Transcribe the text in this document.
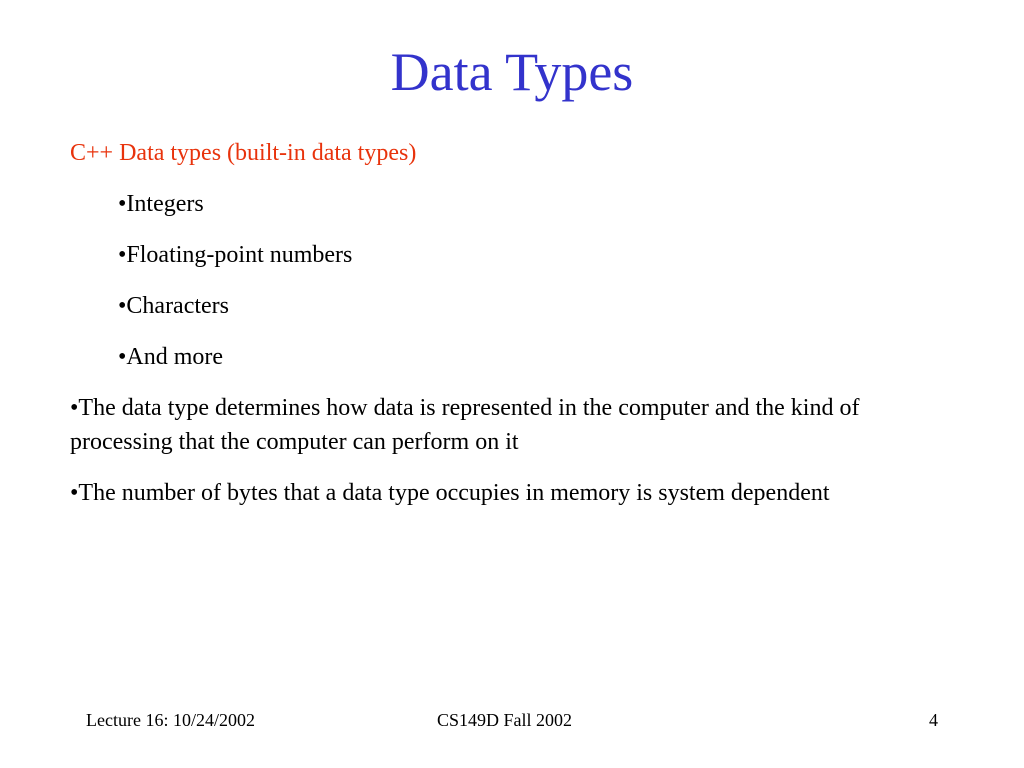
Data Types
C++ Data types (built-in data types)
•Integers
•Floating-point numbers
•Characters
•And more
•The data type determines how data is represented in the computer and the kind of processing that the computer can perform on it
•The number of bytes that a data type occupies in memory is system dependent
Lecture 16: 10/24/2002	CS149D Fall 2002	4
